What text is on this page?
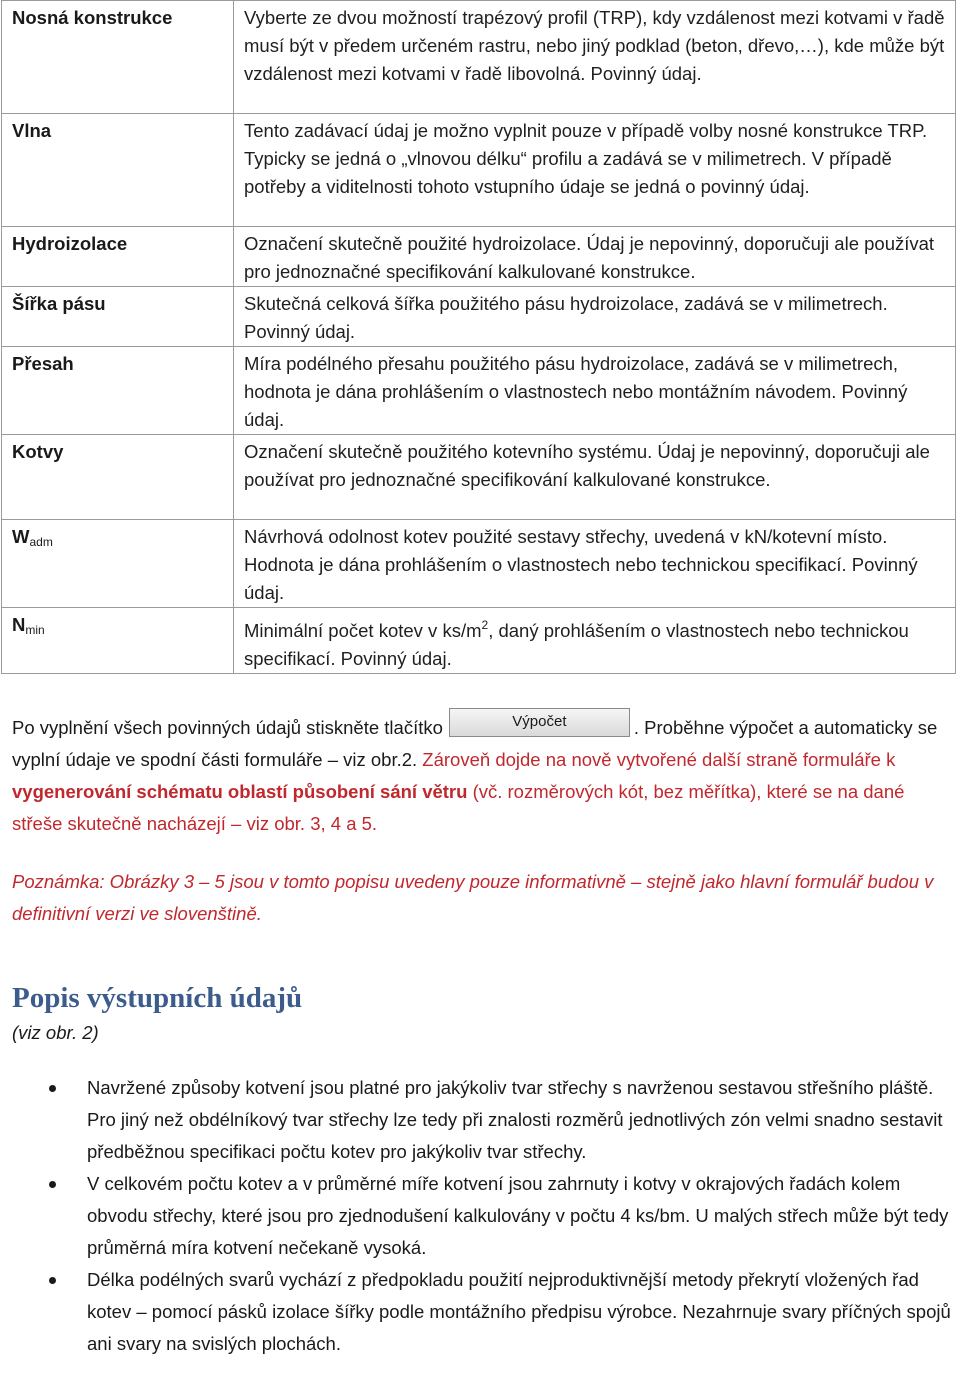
Nosná konstrukce	Vyberte ze dvou možností trapézový profil (TRP), kdy vzdálenost mezi kotvami v řadě musí být v předem určeném rastru, nebo jiný podklad (beton, dřevo,…), kde může být vzdálenost mezi kotvami v řadě libovolná. Povinný údaj.
Vlna	Tento zadávací údaj je možno vyplnit pouze v případě volby nosné konstrukce TRP. Typicky se jedná o „vlnovou délku“ profilu a zadává se v milimetrech. V případě potřeby a viditelnosti tohoto vstupního údaje se jedná o povinný údaj.
Hydroizolace	Označení skutečně použité hydroizolace. Údaj je nepovinný, doporučuji ale používat pro jednoznačné specifikování kalkulované konstrukce.
Šířka pásu	Skutečná celková šířka použitého pásu hydroizolace, zadává se v milimetrech. Povinný údaj.
Přesah	Míra podélného přesahu použitého pásu hydroizolace, zadává se v milimetrech, hodnota je dána prohlášením o vlastnostech nebo montážním návodem. Povinný údaj.
Kotvy	Označení skutečně použitého kotevního systému. Údaj je nepovinný, doporučuji ale používat pro jednoznačné specifikování kalkulované konstrukce.
$W_{adm}$	Návrhová odolnost kotev použité sestavy střechy, uvedená v kN/kotevní místo. Hodnota je dána prohlášením o vlastnostech nebo technickou specifikací. Povinný údaj.
$N_{min}$	Minimální počet kotev v $ks/m^2$, daný prohlášením o vlastnostech nebo technickou specifikací. Povinný údaj.
Po vyplnění všech povinných údajů stiskněte tlačítko	Výpočet	. Proběhne výpočet a automaticky se vyplní údaje ve spodní části formuláře – viz obr.2. Zároveň dojde na nově vytvořené další straně formuláře k vygenerování schématu oblastí působení sání větru (vč. rozměrových kót, bez měřítka), které se na dané střeše skutečně nacházejí – viz obr. 3, 4 a 5.
Poznámka: Obrázky 3 – 5 jsou v tomto popisu uvedeny pouze informativně – stejně jako hlavní formulář budou v definitivní verzi ve slovenštině.
Popis výstupních údajů
(viz obr. 2)
Navržené způsoby kotvení jsou platné pro jakýkoliv tvar střechy s navrženou sestavou střešního pláště. Pro jiný než obdélníkový tvar střechy lze tedy při znalosti rozměrů jednotlivých zón velmi snadno sestavit předběžnou specifikaci počtu kotev pro jakýkoliv tvar střechy.
V celkovém počtu kotev a v průměrné míře kotvení jsou zahrnuty i kotvy v okrajových řadách kolem obvodu střechy, které jsou pro zjednodušení kalkulovány v počtu 4 ks/bm. U malých střech může být tedy průměrná míra kotvení nečekaně vysoká.
Délka podélných svarů vychází z předpokladu použití nejproduktivnější metody překrytí vložených řad kotev – pomocí pásků izolace šířky podle montážního předpisu výrobce. Nezahrnuje svary příčných spojů ani svary na svislých plochách.
